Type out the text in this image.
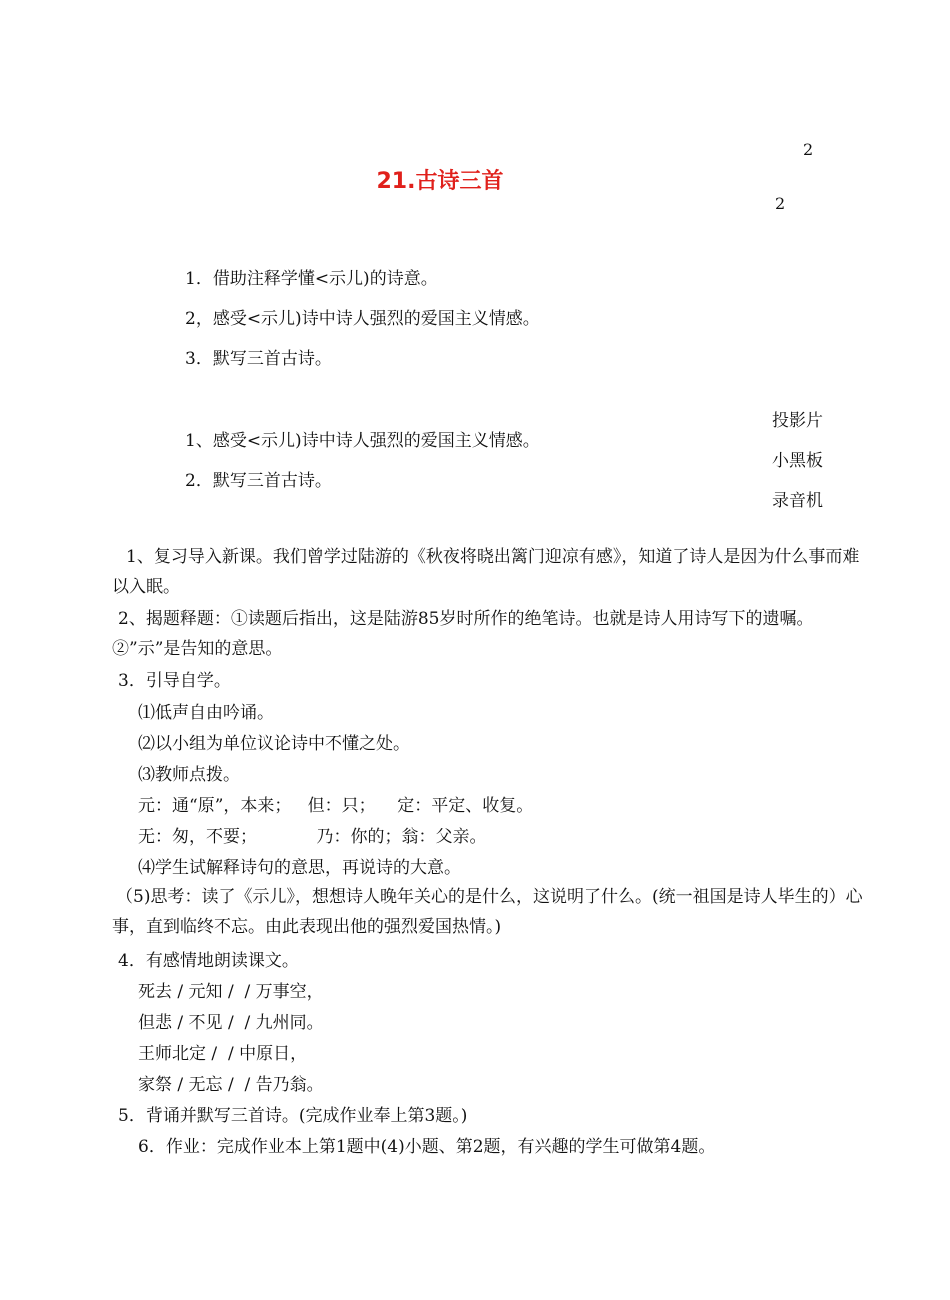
2
21.古诗三首
2
1．借助注释学懂<示儿)的诗意。
2，感受<示儿)诗中诗人强烈的爱国主义情感。
3．默写三首古诗。
投影片
1、感受<示儿)诗中诗人强烈的爱国主义情感。
小黑板
2．默写三首古诗。
录音机
1、复习导入新课。我们曾学过陆游的《秋夜将晓出篱门迎凉有感》，知道了诗人是因为什么事而难以入眠。
2、揭题释题：①读题后指出，这是陆游85岁时所作的绝笔诗。也就是诗人用诗写下的遗嘱。②”示”是告知的意思。
3．引导自学。
⑴低声自由吟诵。
⑵以小组为单位议论诗中不懂之处。
⑶教师点拨。
元：通“原”，本来；   但：只；    定：平定、收复。
无：匆，不要；           乃：你的；翁：父亲。
⑷学生试解释诗句的意思，再说诗的大意。
（5)思考：读了《示儿》，想想诗人晚年关心的是什么，这说明了什么。(统一祖国是诗人毕生的）心事，直到临终不忘。由此表现出他的强烈爱国热情。)
4．有感情地朗读课文。
死去 / 元知 /  / 万事空，
但悲 / 不见 /  / 九州同。
王师北定 /  / 中原日，
家祭 / 无忘 /  / 告乃翁。
5．背诵并默写三首诗。(完成作业奉上第3题。)
6．作业：完成作业本上第1题中(4)小题、第2题，有兴趣的学生可做第4题。
